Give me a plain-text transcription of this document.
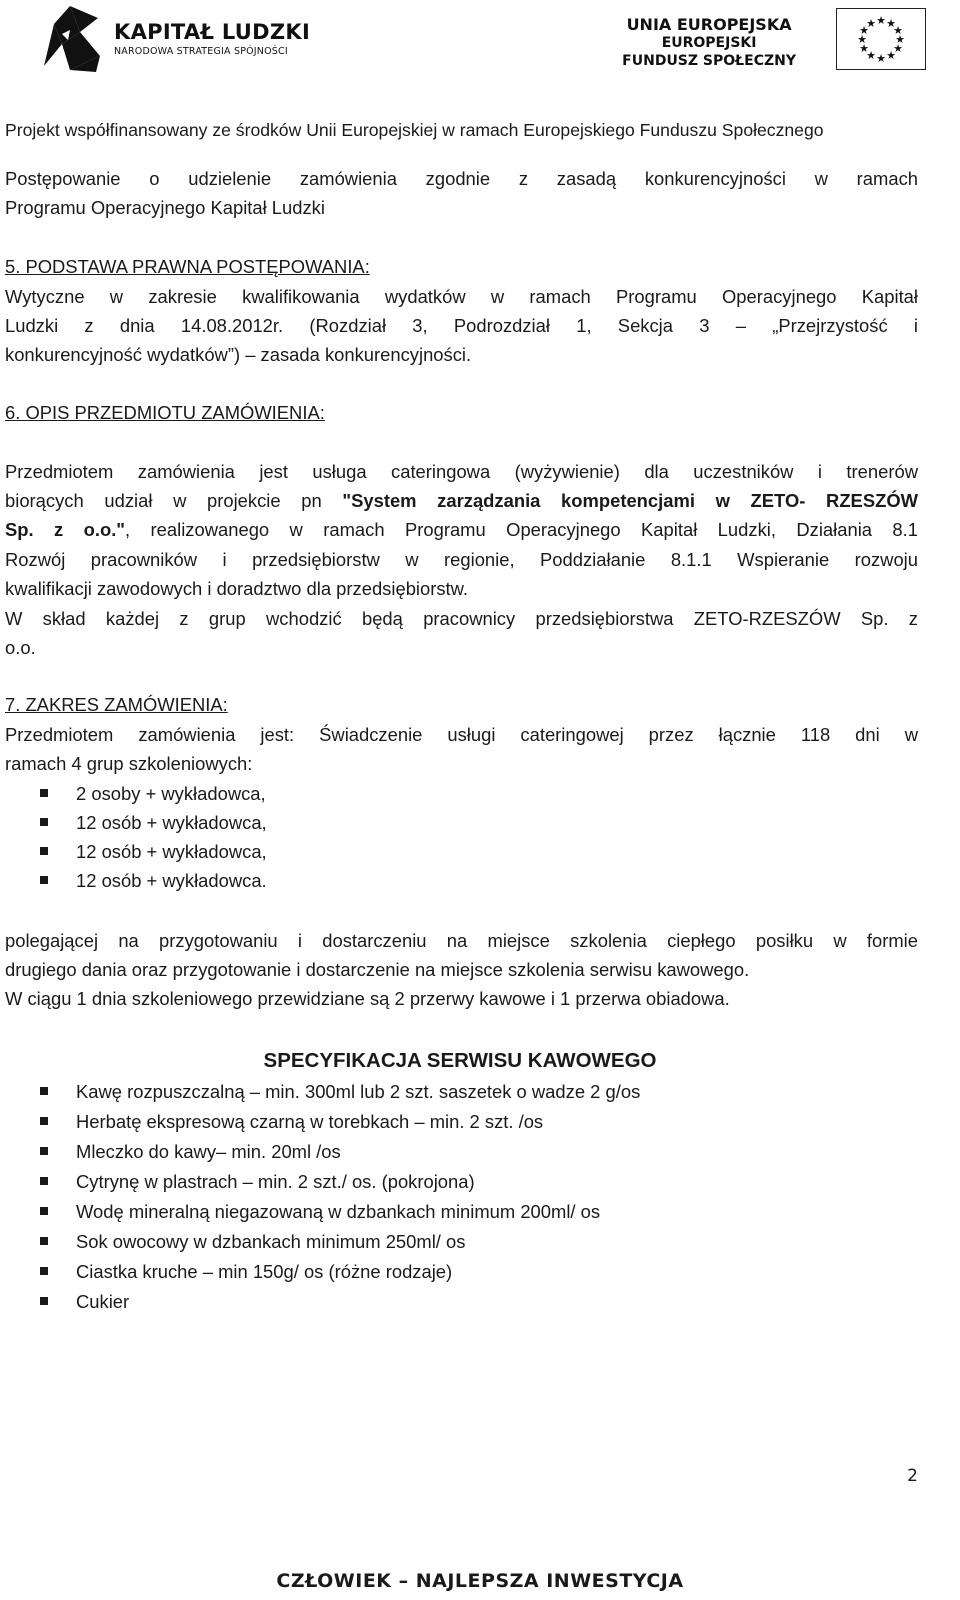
KAPITAŁ LUDZKI
NARODOWA STRATEGIA SPÓJNOŚCI
UNIA EUROPEJSKA
EUROPEJSKI
FUNDUSZ SPOŁECZNY
★ ★
★
★
★
★
★
★
★
★
★
★
Projekt współfinansowany ze środków Unii Europejskiej w ramach Europejskiego Funduszu Społecznego
Postępowanie o udzielenie zamówienia zgodnie z zasadą konkurencyjności w ramach
Programu Operacyjnego Kapitał Ludzki
5. PODSTAWA PRAWNA POSTĘPOWANIA:
Wytyczne w zakresie kwalifikowania wydatków w ramach Programu Operacyjnego Kapitał
Ludzki z dnia 14.08.2012r. (Rozdział 3, Podrozdział 1, Sekcja 3 – „Przejrzystość i
konkurencyjność wydatków”) – zasada konkurencyjności.
6. OPIS PRZEDMIOTU ZAMÓWIENIA:
Przedmiotem zamówienia jest usługa cateringowa (wyżywienie) dla uczestników i trenerów
biorących udział w projekcie pn "System zarządzania kompetencjami w ZETO- RZESZÓW
Sp. z o.o.", realizowanego w ramach Programu Operacyjnego Kapitał Ludzki, Działania 8.1
Rozwój pracowników i przedsiębiorstw w regionie, Poddziałanie 8.1.1 Wspieranie rozwoju
kwalifikacji zawodowych i doradztwo dla przedsiębiorstw.
W skład każdej z grup wchodzić będą pracownicy przedsiębiorstwa ZETO-RZESZÓW Sp. z
o.o.
7. ZAKRES ZAMÓWIENIA:
Przedmiotem zamówienia jest: Świadczenie usługi cateringowej przez łącznie 118 dni w
ramach 4 grup szkoleniowych:
2 osoby + wykładowca,
12 osób + wykładowca,
12 osób + wykładowca,
12 osób + wykładowca.
polegającej na przygotowaniu i dostarczeniu na miejsce szkolenia ciepłego posiłku w formie
drugiego dania oraz przygotowanie i dostarczenie na miejsce szkolenia serwisu kawowego.
W ciągu 1 dnia szkoleniowego przewidziane są 2 przerwy kawowe i 1 przerwa obiadowa.
SPECYFIKACJA SERWISU KAWOWEGO
Kawę rozpuszczalną – min. 300ml lub 2 szt. saszetek o wadze 2 g/os
Herbatę ekspresową czarną w torebkach – min. 2 szt. /os
Mleczko do kawy– min. 20ml /os
Cytrynę w plastrach – min. 2 szt./ os. (pokrojona)
Wodę mineralną niegazowaną w dzbankach minimum 200ml/ os
Sok owocowy w dzbankach minimum 250ml/ os
Ciastka kruche – min 150g/ os (różne rodzaje)
Cukier
2
CZŁOWIEK – NAJLEPSZA INWESTYCJA
